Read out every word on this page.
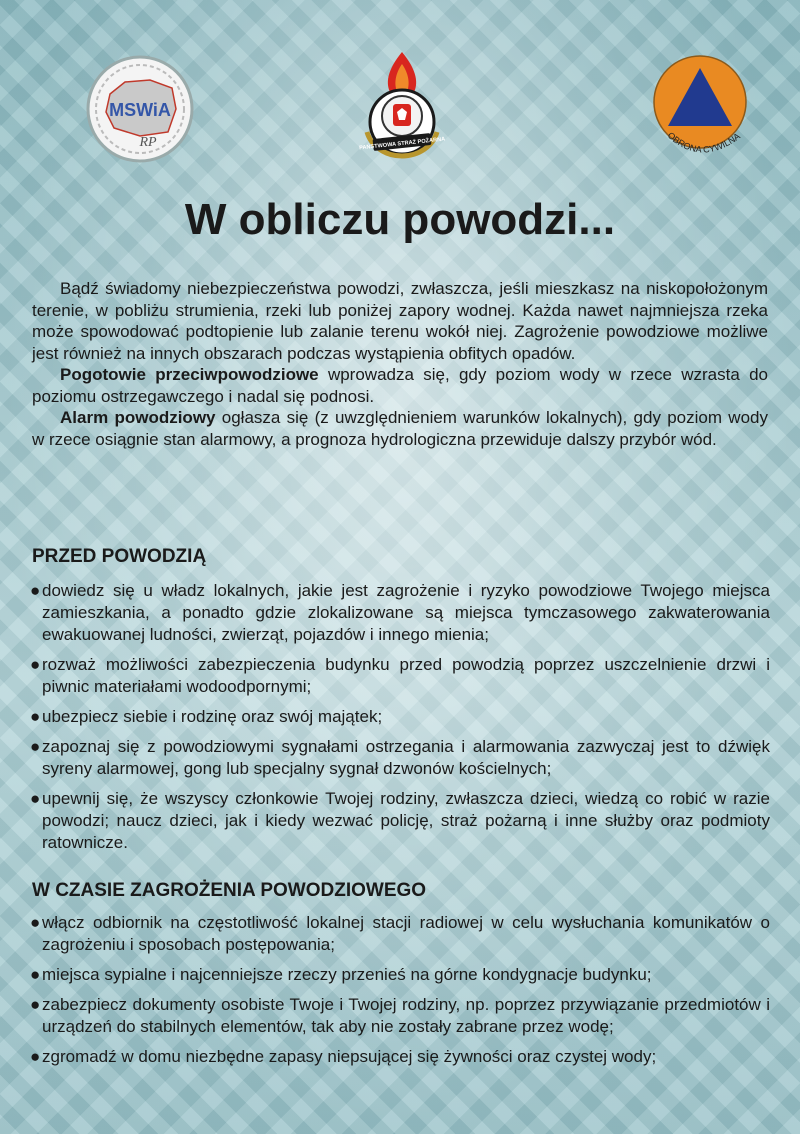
MSWiA
RP	PAŃSTWOWA STRAŻ POŻARNA
OBRONA CYWILNA
W obliczu powodzi...

Bądź świadomy niebezpieczeństwa powodzi, zwłaszcza, jeśli mieszkasz na niskopołożonym terenie, w pobliżu strumienia, rzeki lub poniżej zapory wodnej. Każda nawet najmniejsza rzeka może spowodować podtopienie lub zalanie terenu wokół niej. Zagrożenie powodziowe możliwe jest również na innych obszarach podczas wystąpienia obfitych opadów.

Pogotowie przeciwpowodziowe wprowadza się, gdy poziom wody w rzece wzrasta do poziomu ostrzegawczego i nadal się podnosi.

Alarm powodziowy ogłasza się (z uwzględnieniem warunków lokalnych), gdy poziom wody w rzece osiągnie stan alarmowy, a prognoza hydrologiczna przewiduje dalszy przybór wód.

PRZED POWODZIĄ
● dowiedz się u władz lokalnych, jakie jest zagrożenie i ryzyko powodziowe Twojego miejsca zamieszkania, a ponadto gdzie zlokalizowane są miejsca tymczasowego zakwaterowania ewakuowanej ludności, zwierząt, pojazdów i innego mienia;
● rozważ możliwości zabezpieczenia budynku przed powodzią poprzez uszczelnienie drzwi i piwnic materiałami wodoodpornymi;
● ubezpiecz siebie i rodzinę oraz swój majątek;
● zapoznaj się z powodziowymi sygnałami ostrzegania i alarmowania zazwyczaj jest to dźwięk syreny alarmowej, gong lub specjalny sygnał dzwonów kościelnych;
● upewnij się, że wszyscy członkowie Twojej rodziny, zwłaszcza dzieci, wiedzą co robić w razie powodzi; naucz dzieci, jak i kiedy wezwać policję, straż pożarną i inne służby oraz podmioty ratownicze.
W CZASIE ZAGROŻENIA POWODZIOWEGO
● włącz odbiornik na częstotliwość lokalnej stacji radiowej w celu wysłuchania komunikatów o zagrożeniu i sposobach postępowania;
● miejsca sypialne i najcenniejsze rzeczy przenieś na górne kondygnacje budynku;
● zabezpiecz dokumenty osobiste Twoje i Twojej rodziny, np. poprzez przywiązanie przedmiotów i urządzeń do stabilnych elementów, tak aby nie zostały zabrane przez wodę;
● zgromadź w domu niezbędne zapasy niepsującej się żywności oraz czystej wody;
